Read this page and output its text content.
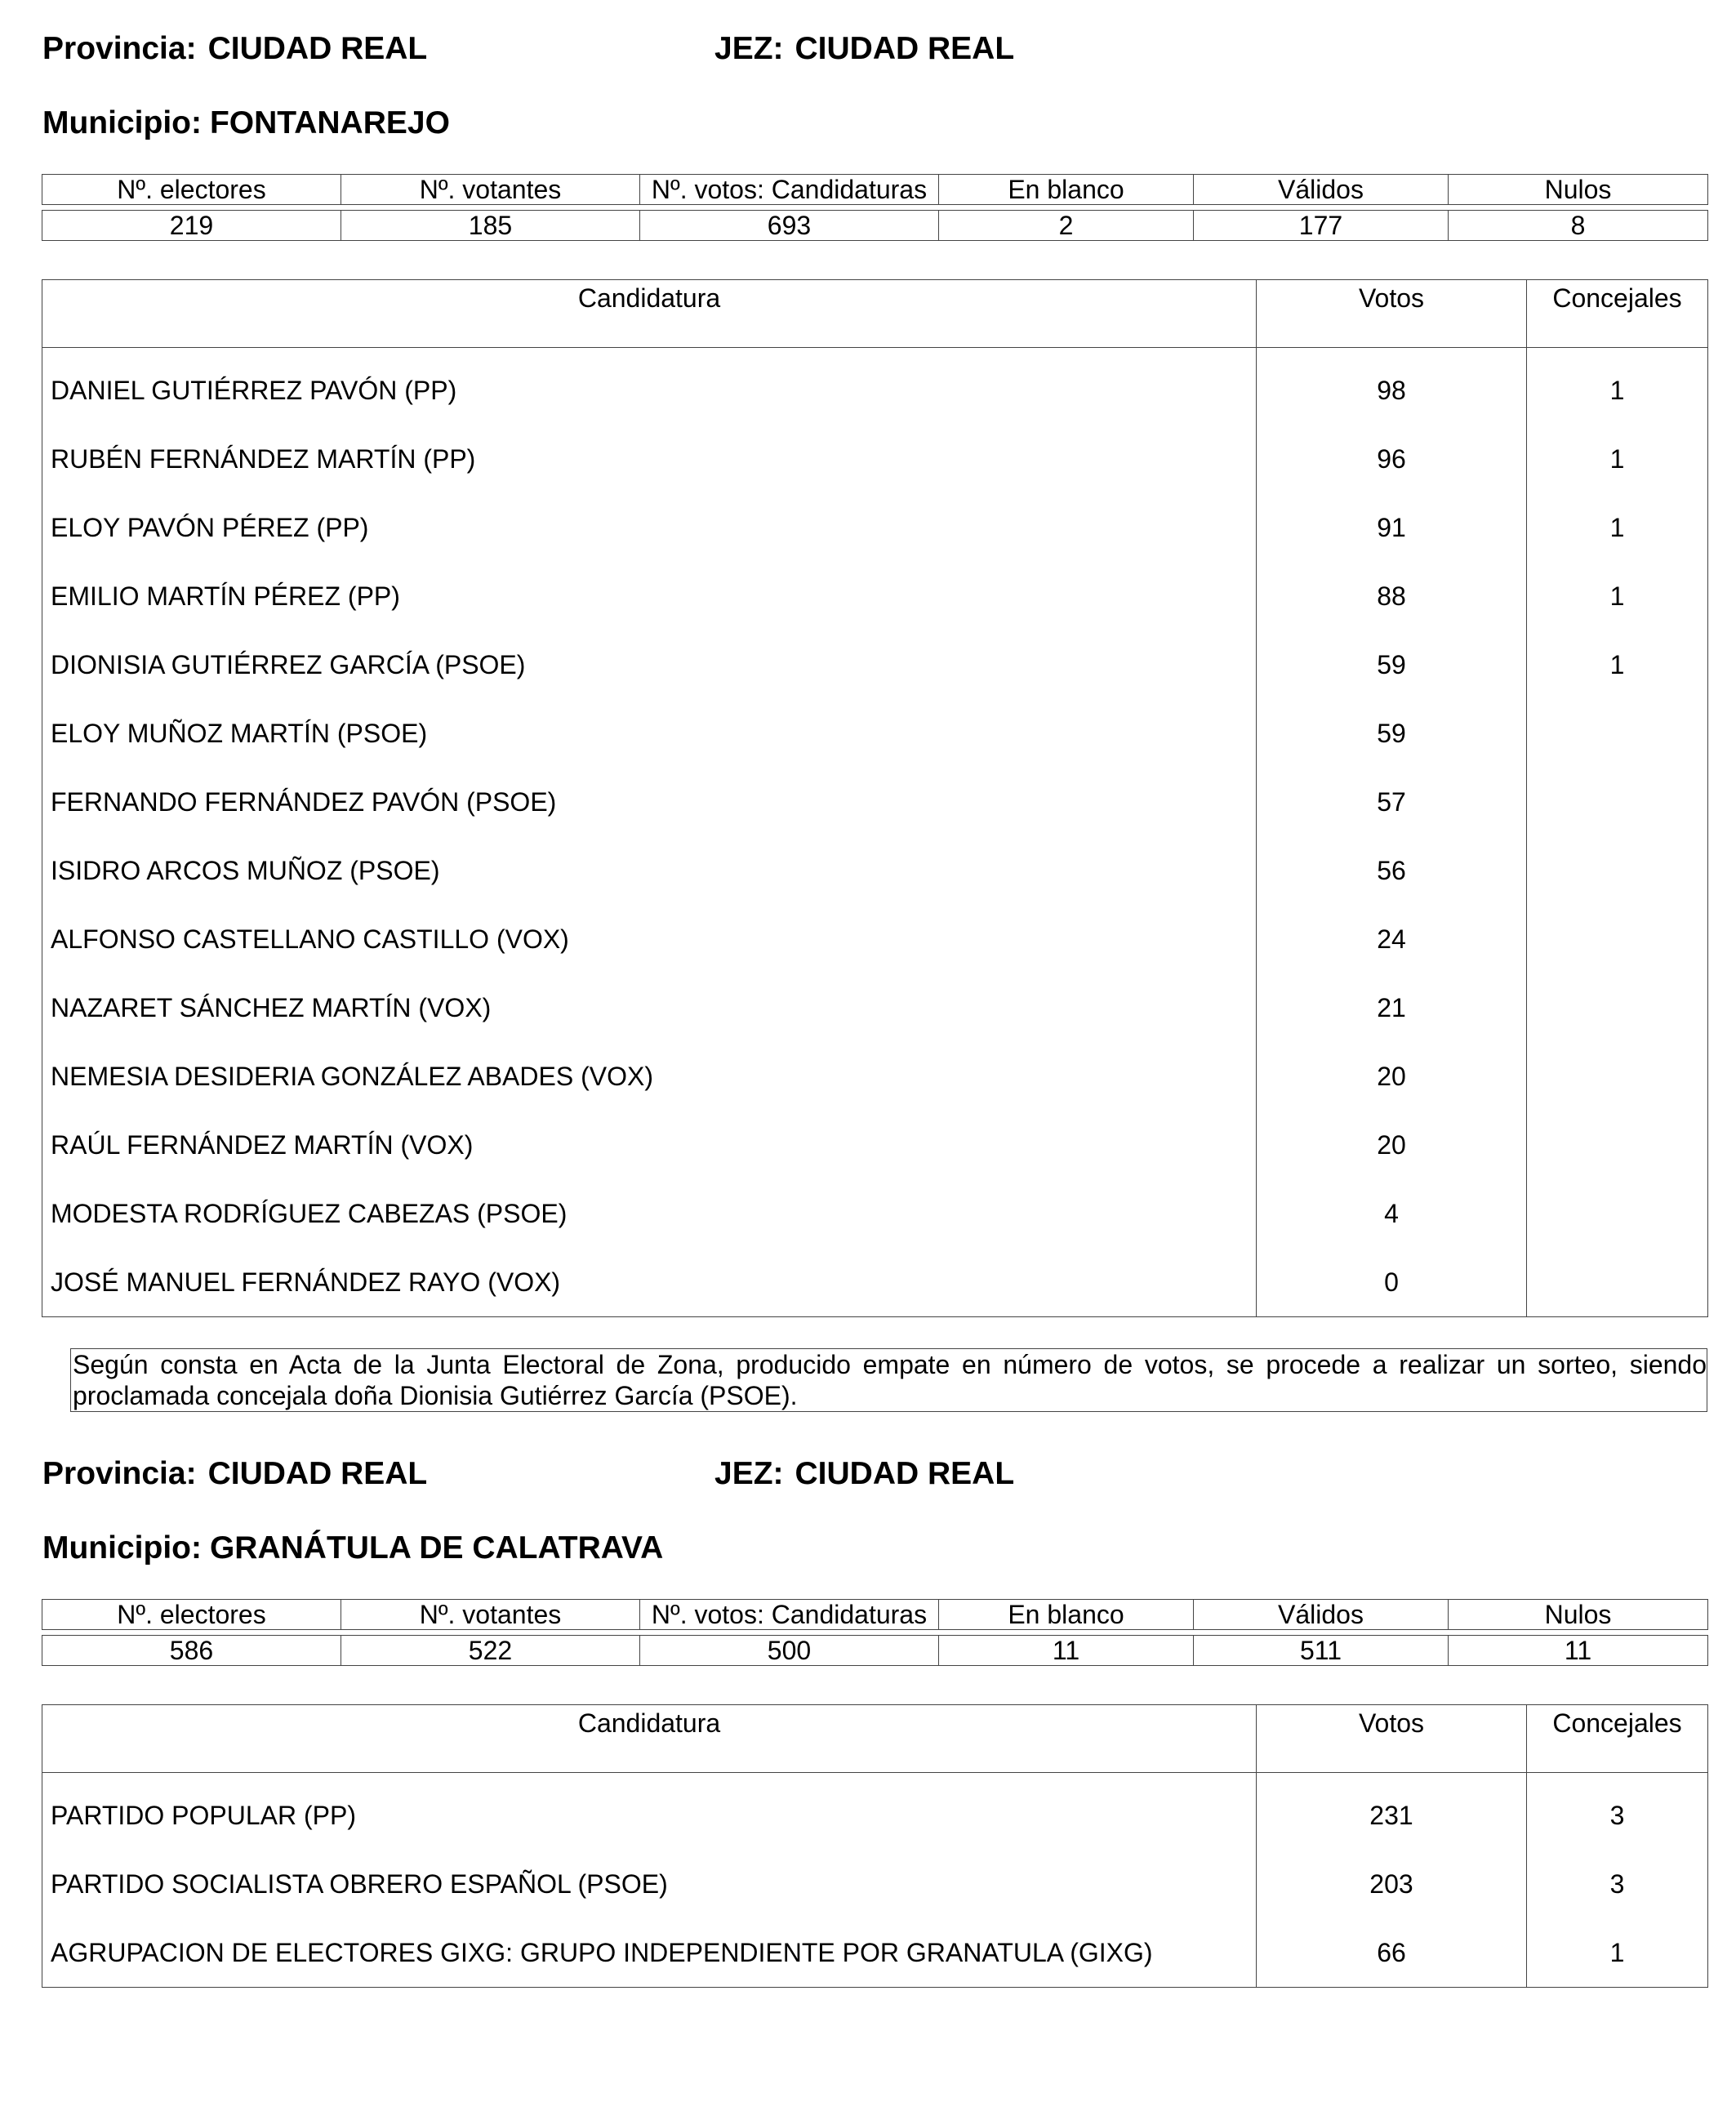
Provincia: CIUDAD REAL	JEZ: CIUDAD REAL
Municipio: FONTANAREJO
Nº. electores	Nº. votantes	Nº. votos: Candidaturas	En blanco	Válidos	Nulos

219	185	693	2	177	8
Candidatura	Votos	Concejales
DANIEL GUTIÉRREZ PAVÓN (PP)	98	1
RUBÉN FERNÁNDEZ MARTÍN (PP)	96	1
ELOY PAVÓN PÉREZ (PP)	91	1
EMILIO MARTÍN PÉREZ (PP)	88	1
DIONISIA GUTIÉRREZ GARCÍA (PSOE)	59	1
ELOY MUÑOZ MARTÍN (PSOE)	59	
FERNANDO FERNÁNDEZ PAVÓN (PSOE)	57	
ISIDRO ARCOS MUÑOZ (PSOE)	56	
ALFONSO CASTELLANO CASTILLO (VOX)	24	
NAZARET SÁNCHEZ MARTÍN (VOX)	21	
NEMESIA DESIDERIA GONZÁLEZ ABADES (VOX)	20	
RAÚL FERNÁNDEZ MARTÍN (VOX)	20	
MODESTA RODRÍGUEZ CABEZAS (PSOE)	4	
JOSÉ MANUEL FERNÁNDEZ RAYO (VOX)	0	
Según consta en Acta de la Junta Electoral de Zona, producido empate en número de votos, se procede a realizar un sorteo, siendo proclamada concejala doña Dionisia Gutiérrez García (PSOE).
Provincia: CIUDAD REAL	JEZ: CIUDAD REAL
Municipio: GRANÁTULA DE CALATRAVA
Nº. electores	Nº. votantes	Nº. votos: Candidaturas	En blanco	Válidos	Nulos

586	522	500	11	511	11
Candidatura	Votos	Concejales
PARTIDO POPULAR (PP)	231	3
PARTIDO SOCIALISTA OBRERO ESPAÑOL (PSOE)	203	3
AGRUPACION DE ELECTORES GIXG: GRUPO INDEPENDIENTE POR GRANATULA (GIXG)	66	1
